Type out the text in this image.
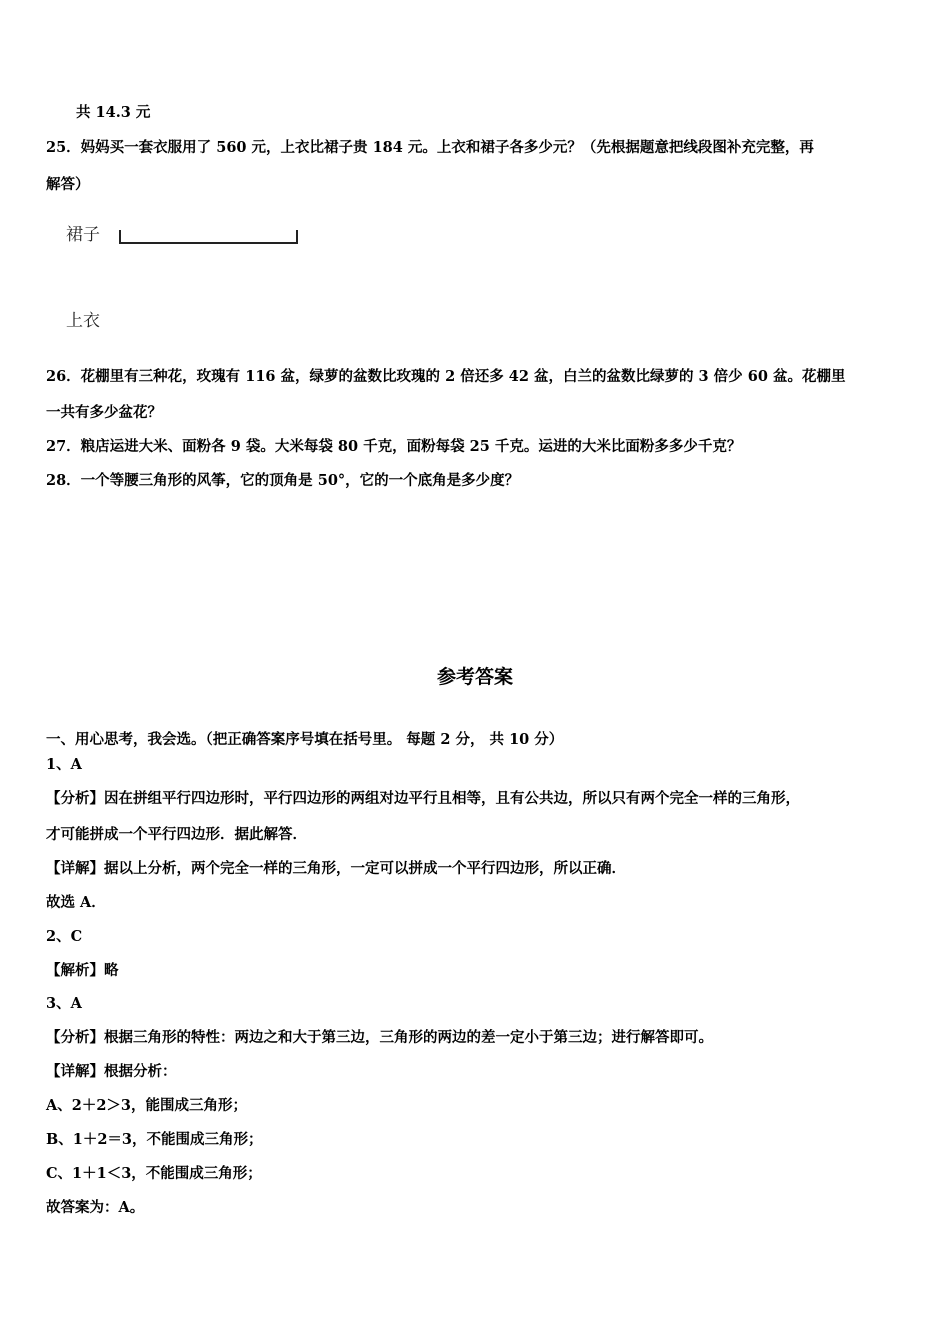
共 14.3 元
25．妈妈买一套衣服用了 560 元，上衣比裙子贵 184 元。上衣和裙子各多少元？（先根据题意把线段图补充完整，再
解答）
裙子
上衣
26．花棚里有三种花，玫瑰有 116 盆，绿萝的盆数比玫瑰的 2 倍还多 42 盆，白兰的盆数比绿萝的 3 倍少 60 盆。花棚里
一共有多少盆花？
27．粮店运进大米、面粉各 9 袋。大米每袋 80 千克，面粉每袋 25 千克。运进的大米比面粉多多少千克？
28．一个等腰三角形的风筝，它的顶角是 50°，它的一个底角是多少度？
参考答案
一、用心思考，我会选。（把正确答案序号填在括号里。 每题 2 分， 共 10 分）
1、A
【分析】因在拼组平行四边形时，平行四边形的两组对边平行且相等，且有公共边，所以只有两个完全一样的三角形，
才可能拼成一个平行四边形．据此解答．
【详解】据以上分析，两个完全一样的三角形，一定可以拼成一个平行四边形，所以正确．
故选 A．
2、C
【解析】略
3、A
【分析】根据三角形的特性：两边之和大于第三边，三角形的两边的差一定小于第三边；进行解答即可。
【详解】根据分析：
A、2＋2＞3，能围成三角形；
B、1＋2＝3，不能围成三角形；
C、1＋1＜3，不能围成三角形；
故答案为：A。
